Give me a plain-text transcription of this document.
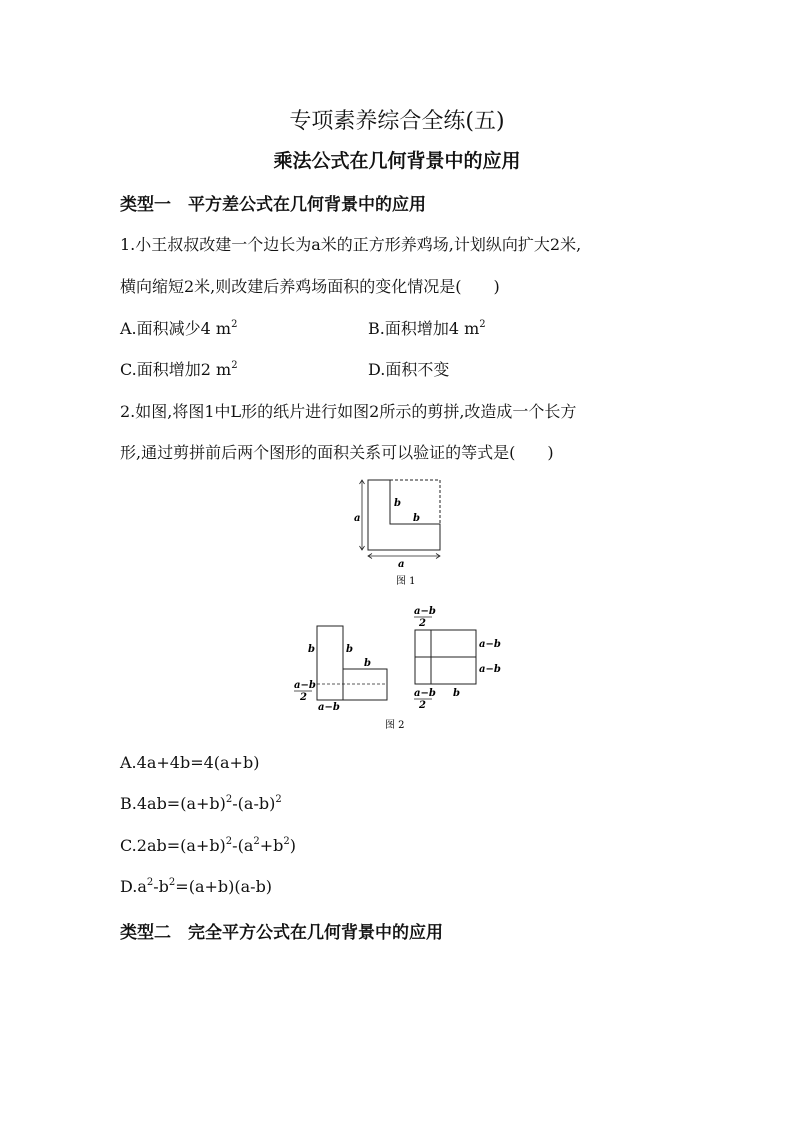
专项素养综合全练(五)
乘法公式在几何背景中的应用
类型一　平方差公式在几何背景中的应用
1.小王叔叔改建一个边长为a米的正方形养鸡场,计划纵向扩大2米,
横向缩短2米,则改建后养鸡场面积的变化情况是(　　)
A.面积减少4 $m^2$	B.面积增加4 $m^2$
C.面积增加2 $m^2$	D.面积不变
2.如图,将图1中L形的纸片进行如图2所示的剪拼,改造成一个长方
形,通过剪拼前后两个图形的面积关系可以验证的等式是(　　)
a
b
b
a
图 1
b	b
b
a−b
2
a−b
a−b
2
a−b
a−b
a−b
2
b
图 2
A.4a+4b=4(a+b)
$B.4ab=(a+b)^2-(a-b)^2$
$C.2ab=(a+b)^2-(a^2+b^2)$
$D.a^2-b^2=(a+b)(a-b)$
类型二　完全平方公式在几何背景中的应用
